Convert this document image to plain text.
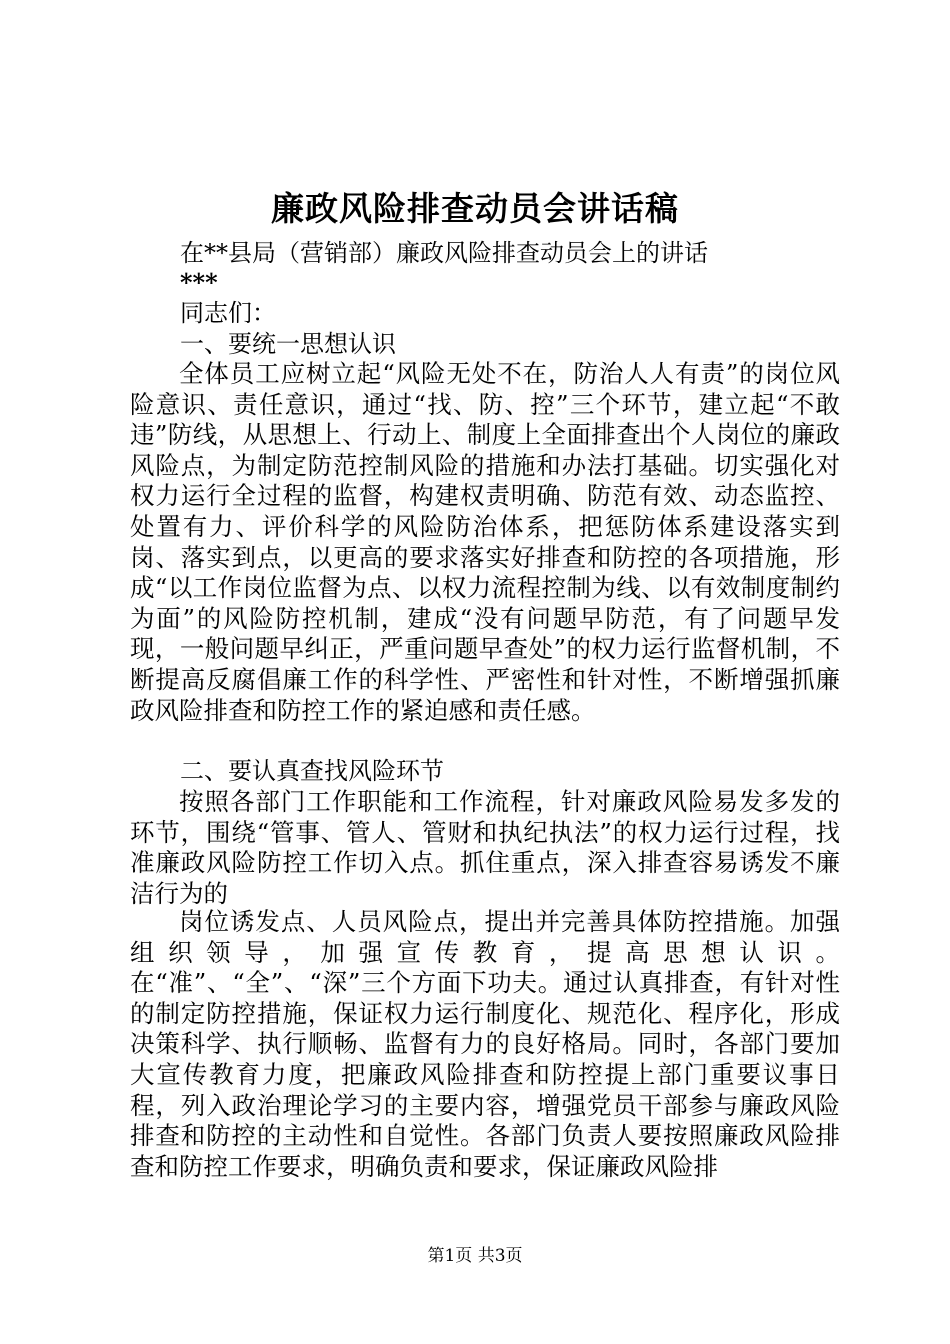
廉政风险排查动员会讲话稿
在**县局（营销部）廉政风险排查动员会上的讲话
***
同志们：
一、要统一思想认识
全体员工应树立起“风险无处不在，防治人人有责”的岗位风险意识、责任意识，通过“找、防、控”三个环节，建立起“不敢违”防线，从思想上、行动上、制度上全面排查出个人岗位的廉政风险点，为制定防范控制风险的措施和办法打基础。切实强化对权力运行全过程的监督，构建权责明确、防范有效、动态监控、处置有力、评价科学的风险防治体系，把惩防体系建设落实到岗、落实到点，以更高的要求落实好排查和防控的各项措施，形成“以工作岗位监督为点、以权力流程控制为线、以有效制度制约为面”的风险防控机制，建成“没有问题早防范，有了问题早发现，一般问题早纠正，严重问题早查处”的权力运行监督机制，不断提高反腐倡廉工作的科学性、严密性和针对性，不断增强抓廉政风险排查和防控工作的紧迫感和责任感。
二、要认真查找风险环节
按照各部门工作职能和工作流程，针对廉政风险易发多发的环节，围绕“管事、管人、管财和执纪执法”的权力运行过程，找准廉政风险防控工作切入点。抓住重点，深入排查容易诱发不廉洁行为的
岗位诱发点、人员风险点，提出并完善具体防控措施。加强组织领导，加强宣传教育，提高思想认识。在“准”、“全”、“深”三个方面下功夫。通过认真排查，有针对性的制定防控措施，保证权力运行制度化、规范化、程序化，形成决策科学、执行顺畅、监督有力的良好格局。同时，各部门要加大宣传教育力度，把廉政风险排查和防控提上部门重要议事日程，列入政治理论学习的主要内容，增强党员干部参与廉政风险排查和防控的主动性和自觉性。各部门负责人要按照廉政风险排查和防控工作要求，明确负责和要求，保证廉政风险排
第1页 共3页
